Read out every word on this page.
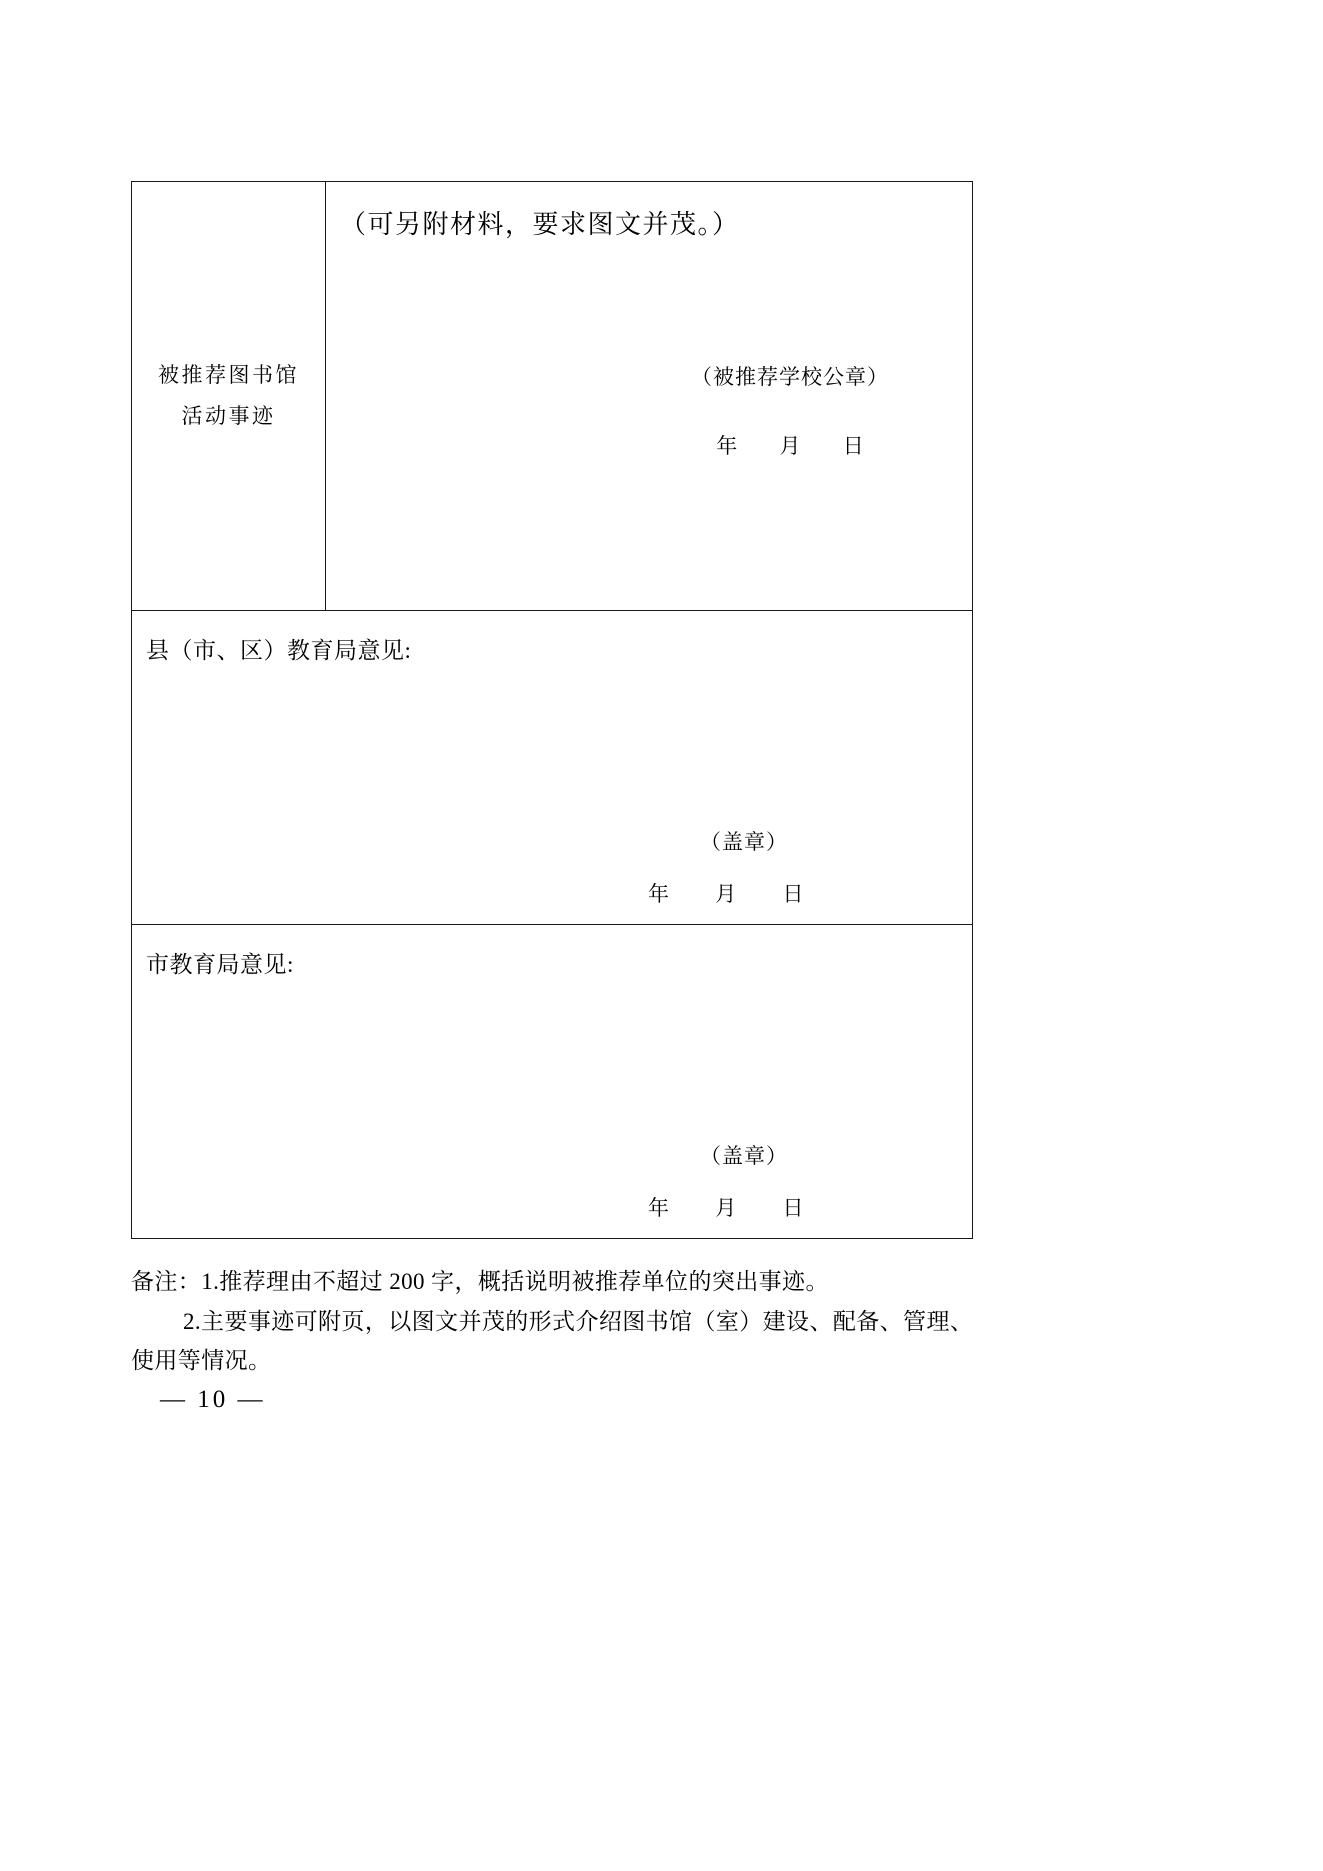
被推荐图书馆
活动事迹

（可另附材料，要求图文并茂。）
（被推荐学校公章）
年 月 日

县（市、区）教育局意见:
（盖章）
年 月 日

市教育局意见:
（盖章）
年 月 日
备注：1.推荐理由不超过 200 字，概括说明被推荐单位的突出事迹。
2.主要事迹可附页，以图文并茂的形式介绍图书馆（室）建设、配备、管理、使用等情况。
— 10 —
